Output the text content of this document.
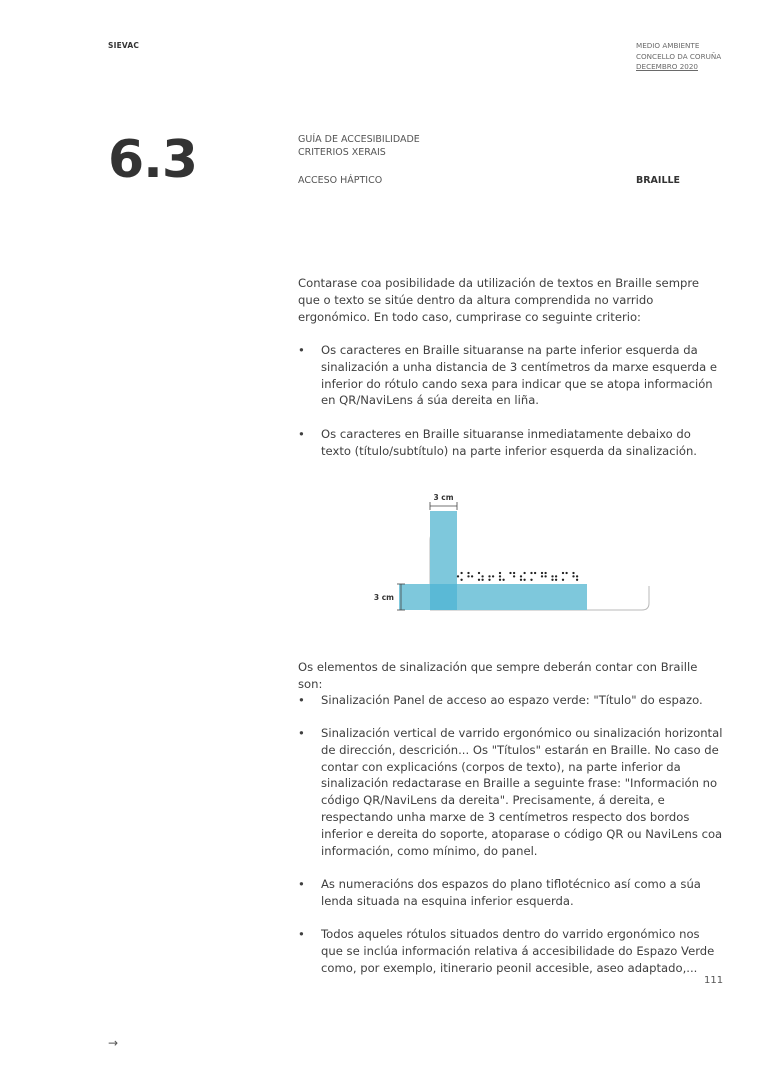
SIEVAC	MEDIO AMBIENTE
CONCELLO DA CORUÑA
DECEMBRO 2020
6.3	GUÍA DE ACCESIBILIDADE
CRITERIOS XERAIS
ACCESO HÁPTICO	BRAILLE
Contarase coa posibilidade da utilización de textos en Braille sempre que o texto se sitúe dentro da altura comprendida no varrido ergonómico. En todo caso, cumprirase co seguinte criterio:
• Os caracteres en Braille situaranse na parte inferior esquerda da sinalización a unha distancia de 3 centímetros da marxe esquerda e inferior do rótulo cando sexa para indicar que se atopa información en QR/NaviLens á súa dereita en liña.
• Os caracteres en Braille situaranse inmediatamente debaixo do texto (título/subtítulo) na parte inferior esquerda da sinalización.
3 cm
3 cm
Os elementos de sinalización que sempre deberán contar con Braille son:
• Sinalización Panel de acceso ao espazo verde: "Título" do espazo.
• Sinalización vertical de varrido ergonómico ou sinalización horizontal de dirección, descrición... Os "Títulos" estarán en Braille. No caso de contar con explicacións (corpos de texto), na parte inferior da sinalización redactarase en Braille a seguinte frase: "Información no código QR/NaviLens da dereita". Precisamente, á dereita, e respectando unha marxe de 3 centímetros respecto dos bordos inferior e dereita do soporte, atoparase o código QR ou NaviLens coa información, como mínimo, do panel.
• As numeracións dos espazos do plano tiflotécnico así como a súa lenda situada na esquina inferior esquerda.
• Todos aqueles rótulos situados dentro do varrido ergonómico nos que se inclúa información relativa á accesibilidade do Espazo Verde como, por exemplo, itinerario peonil accesible, aseo adaptado,...
111
→
